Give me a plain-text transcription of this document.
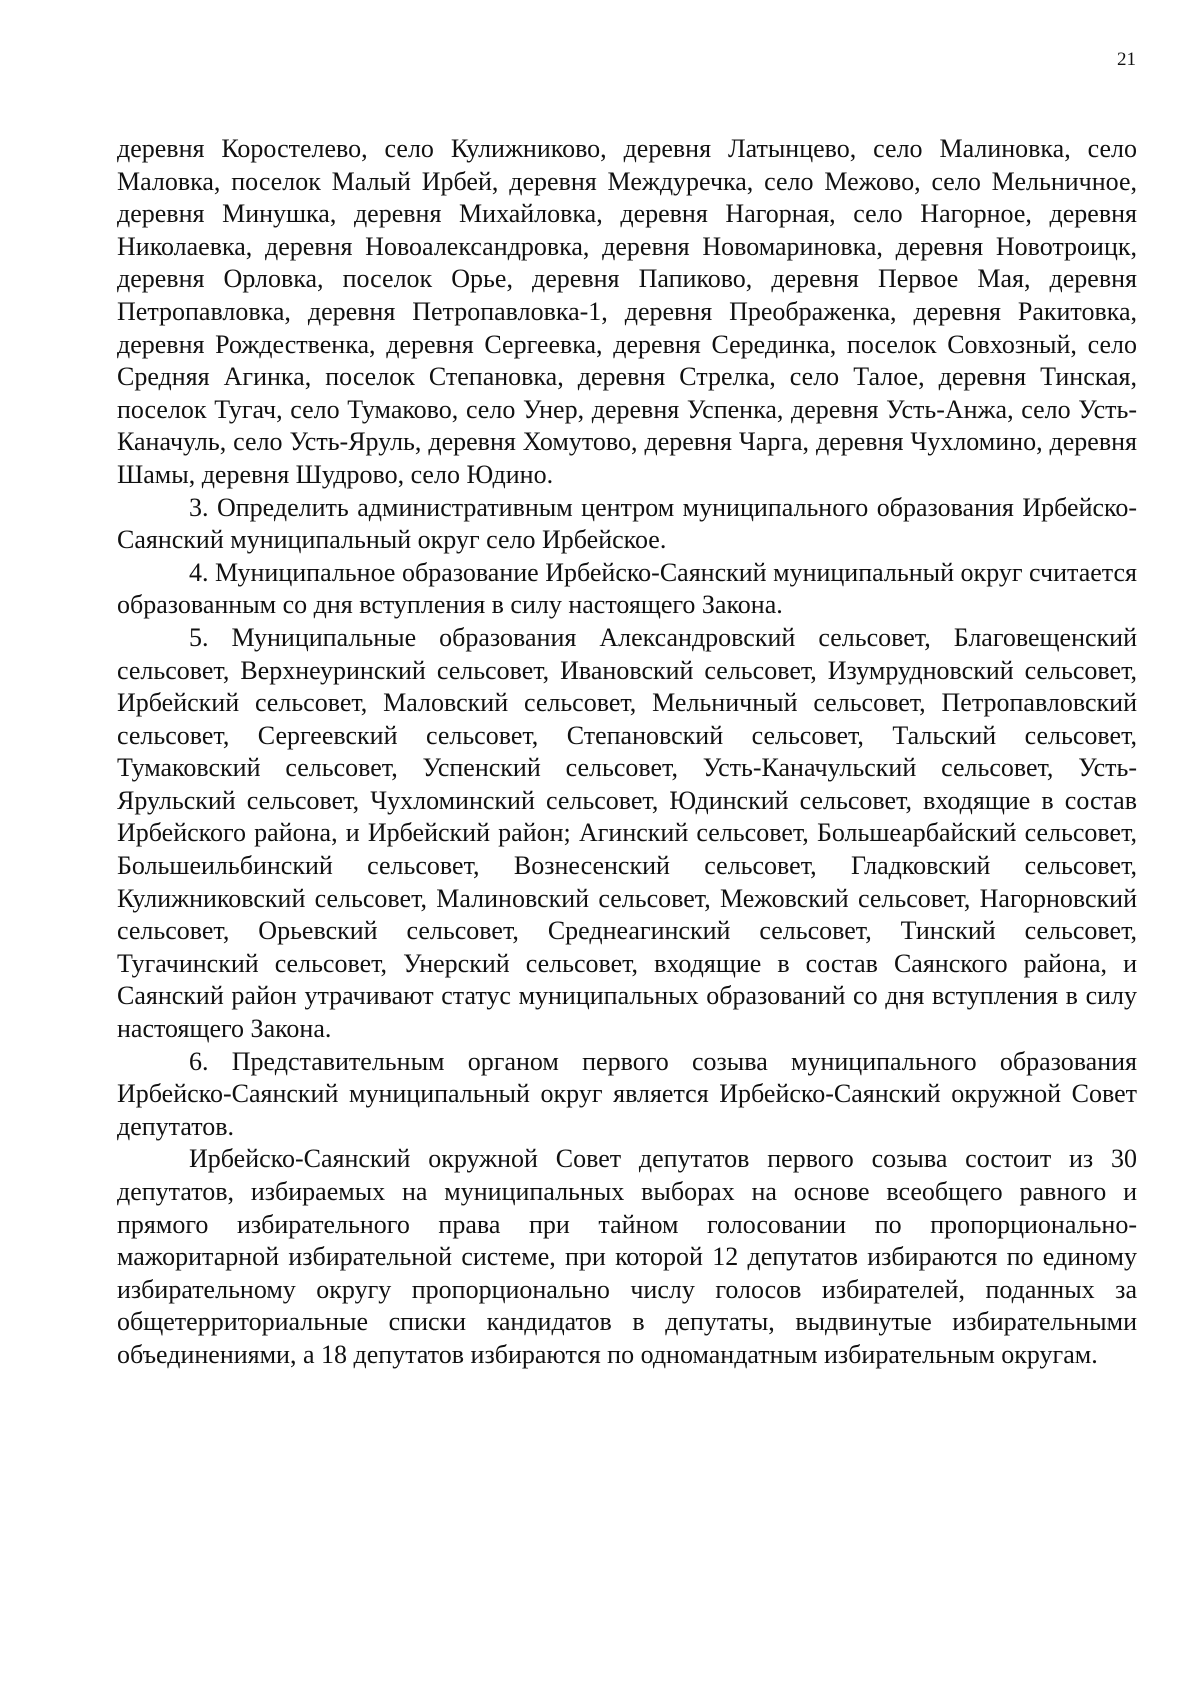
21

деревня Коростелево, село Кулижниково, деревня Латынцево, село Малиновка, село Маловка, поселок Малый Ирбей, деревня Междуречка, село Межово, село Мельничное, деревня Минушка, деревня Михайловка, деревня Нагорная, село Нагорное, деревня Николаевка, деревня Новоалександровка, деревня Новомариновка, деревня Новотроицк, деревня Орловка, поселок Орье, деревня Папиково, деревня Первое Мая, деревня Петропавловка, деревня Петропавловка-1, деревня Преображенка, деревня Ракитовка, деревня Рождественка, деревня Сергеевка, деревня Серединка, поселок Совхозный, село Средняя Агинка, поселок Степановка, деревня Стрелка, село Талое, деревня Тинская, поселок Тугач, село Тумаково, село Унер, деревня Успенка, деревня Усть-Анжа, село Усть-Каначуль, село Усть-Яруль, деревня Хомутово, деревня Чарга, деревня Чухломино, деревня Шамы, деревня Шудрово, село Юдино.

3. Определить административным центром муниципального образования Ирбейско-Саянский муниципальный округ село Ирбейское.

4. Муниципальное образование Ирбейско-Саянский муниципальный округ считается образованным со дня вступления в силу настоящего Закона.

5. Муниципальные образования Александровский сельсовет, Благовещенский сельсовет, Верхнеуринский сельсовет, Ивановский сельсовет, Изумрудновский сельсовет, Ирбейский сельсовет, Маловский сельсовет, Мельничный сельсовет, Петропавловский сельсовет, Сергеевский сельсовет, Степановский сельсовет, Тальский сельсовет, Тумаковский сельсовет, Успенский сельсовет, Усть-Каначульский сельсовет, Усть-Ярульский сельсовет, Чухломинский сельсовет, Юдинский сельсовет, входящие в состав Ирбейского района, и Ирбейский район; Агинский сельсовет, Большеарбайский сельсовет, Большеильбинский сельсовет, Вознесенский сельсовет, Гладковский сельсовет, Кулижниковский сельсовет, Малиновский сельсовет, Межовский сельсовет, Нагорновский сельсовет, Орьевский сельсовет, Среднеагинский сельсовет, Тинский сельсовет, Тугачинский сельсовет, Унерский сельсовет, входящие в состав Саянского района, и Саянский район утрачивают статус муниципальных образований со дня вступления в силу настоящего Закона.

6. Представительным органом первого созыва муниципального образования Ирбейско-Саянский муниципальный округ является Ирбейско-Саянский окружной Совет депутатов.

Ирбейско-Саянский окружной Совет депутатов первого созыва состоит из 30 депутатов, избираемых на муниципальных выборах на основе всеобщего равного и прямого избирательного права при тайном голосовании по пропорционально-мажоритарной избирательной системе, при которой 12 депутатов избираются по единому избирательному округу пропорционально числу голосов избирателей, поданных за общетерриториальные списки кандидатов в депутаты, выдвинутые избирательными объединениями, а 18 депутатов избираются по одномандатным избирательным округам.
